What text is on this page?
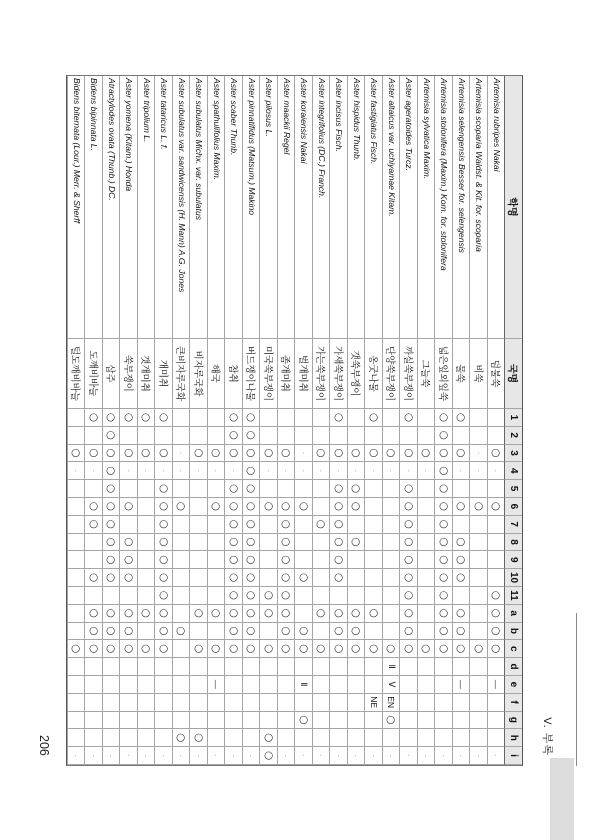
V. 부록
206
학명
국명
1
2
3
4
5
6
7
8
9
10
11
a
b
c
d
e
f
g
h
i
Artemisia rubripes Nakai
덤불쑥
○
·
○
○
○
○
○
—
·
Artemisia scoparia Waldst. & Kit. for. scoparia
비쑥
·
·
○
○
·
Artemisia selengensis Besser for. selengensis
물쑥
○
○
·
○
○
○
○
○
○
○
—
·
Artemisia stolonifera (Maxim.) Kom. for. stolonifera
넓은잎외잎쑥
○
○
○
○
○
○
○
○
○
○
○
○
○
○
·
Artemisia sylvatica Maxim.
그늘쑥
○
·
○
·
Aster ageratoides Turcz.
까실쑥부쟁이
○
○
·
○
○
○
○
○
○
○
○
○
○
·
Aster altaicus var. uchiyamae Kitam.
단양쑥부쟁이
○
·
○
Ⅱ
Ⅴ
EN
○
·
Aster fastigiatus Fisch.
옹굿나물
○
○
·
○
○
NE
·
Aster hispidus Thunb.
갯쑥부쟁이
○
·
○
○
○
○
○
○
·
Aster incisus Fisch.
가새쑥부쟁이
○
○
·
○
○
○
○
○
○
○
○
○
·
Aster integrifolius (DC.) Franch.
가는쑥부쟁이
○
·
○
○
○
·
Aster koraiensis Nakai
벌개미취
·
·
○
○
○
○
Ⅱ
○
·
Aster maackii Regel
좀개미취
○
·
○
○
○
○
○
○
○
○
○
·
Aster pilosus L.
미국쑥부쟁이
○
·
○
○
○
○
○
○
Aster pinnatifidus (Matsum.) Makino
버드쟁이나물
○
○
○
○
○
○
○
○
○
○
○
○
○
○
·
Aster scaber Thunb.
참취
○
○
○
·
○
○
○
○
○
○
○
○
○
○
·
Aster spathulifolius Maxim.
해국
○
·
○
○
○
—
·
Aster subulatus Michx. var. subulatus
비자루국화
○
·
○
○
○
·
Aster subulatus var. sandwicensis (H. Mann) A.G. Jones
큰비자루국화
·
·
○
○
○
·
Aster tataricus L. f.
개미취
○
○
·
○
○
○
○
○
○
○
○
○
○
·
Aster tripolium L.
갯개미취
○
○
·
○
○
·
Aster yomena (Kitam.) Honda
쑥부쟁이
○
○
·
○
○
○
○
○
○
○
·
Atractylodes ovata (Thunb.) DC.
삽주
○
○
○
○
○
○
○
○
○
○
○
○
○
·
Bidens bipinnata L.
도깨비바늘
○
○
·
○
○
○
○
○
○
·
Bidens biternata (Lour.) Merr. & Sherff
털도깨비바늘
○
·
○
·
